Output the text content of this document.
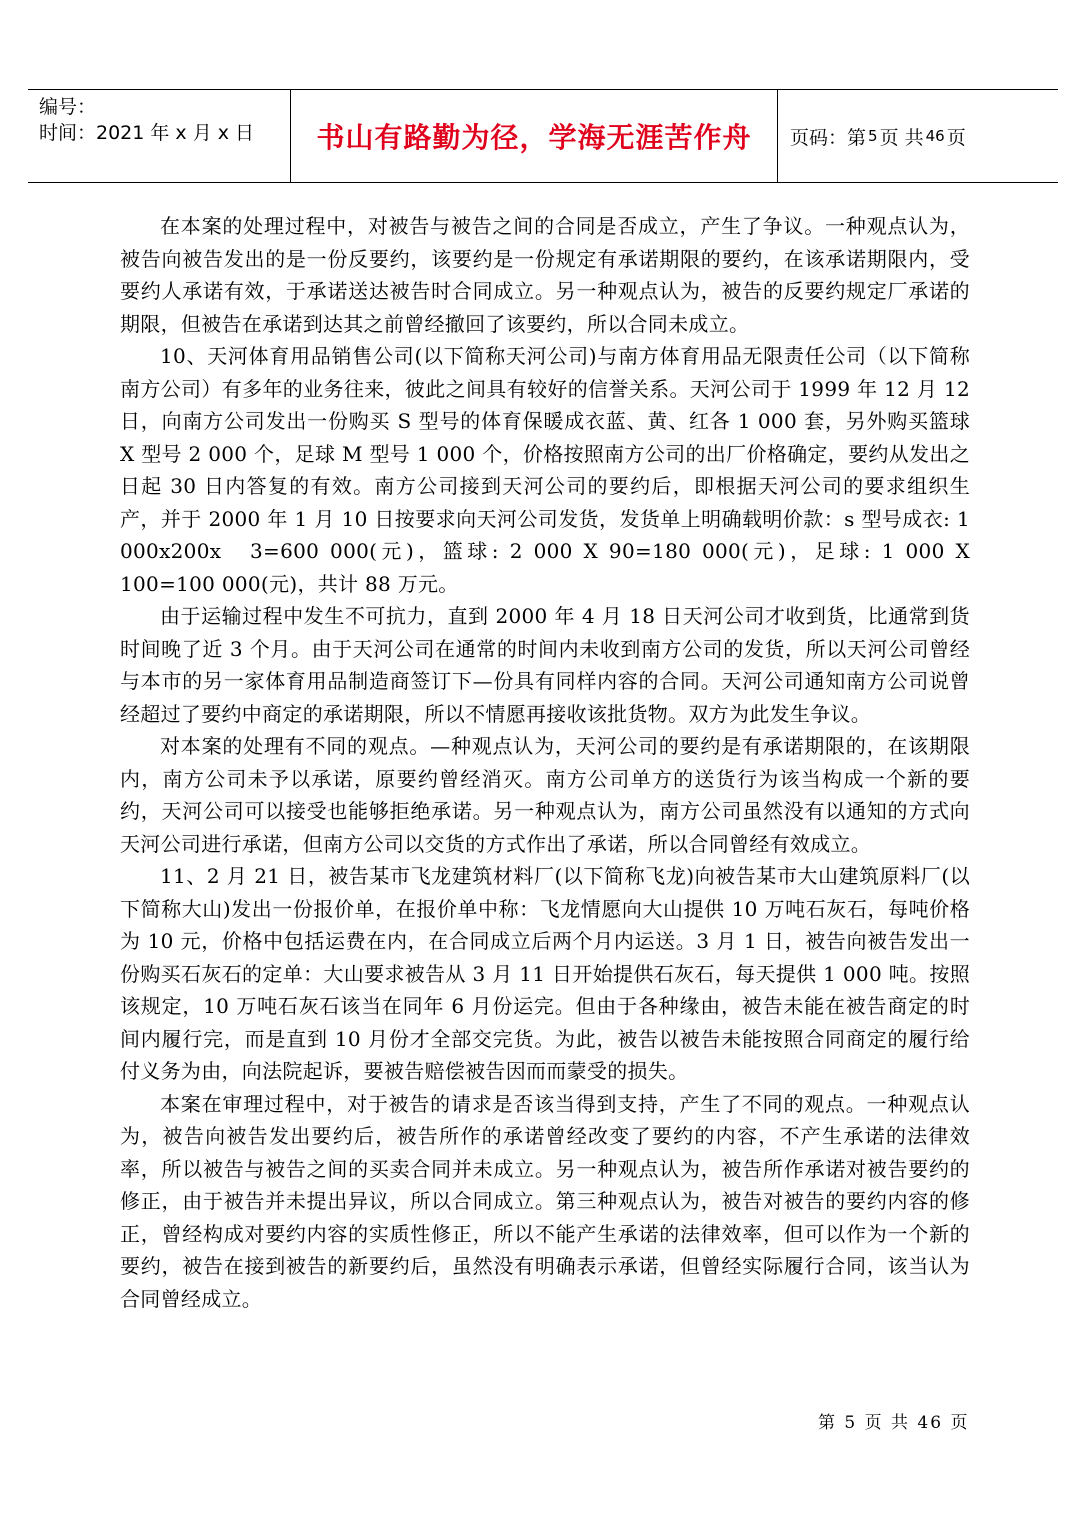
编号：
时间：2021 年 x 月 x 日	书山有路勤为径，学海无涯苦作舟	页码：第 5 页 共 46 页

在本案的处理过程中，对被告与被告之间的合同是否成立，产生了争议。一种观点认为，被告向被告发出的是一份反要约，该要约是一份规定有承诺期限的要约，在该承诺期限内，受要约人承诺有效，于承诺送达被告时合同成立。另一种观点认为，被告的反要约规定厂承诺的期限，但被告在承诺到达其之前曾经撤回了该要约，所以合同未成立。

10、天河体育用品销售公司(以下简称天河公司)与南方体育用品无限责任公司（以下简称南方公司）有多年的业务往来，彼此之间具有较好的信誉关系。天河公司于 1999 年 12 月 12 日，向南方公司发出一份购买 S 型号的体育保暖成衣蓝、黄、红各 1 000 套，另外购买篮球 X 型号 2 000 个，足球 M 型号 1 000 个，价格按照南方公司的出厂价格确定，要约从发出之日起 30 日内答复的有效。南方公司接到天河公司的要约后，即根据天河公司的要求组织生产，并于 2000 年 1 月 10 日按要求向天河公司发货，发货单上明确载明价款：s 型号成衣: 1 000x200x　3=600 000(元)，篮球: 2 000 X 90=180 000(元)，足球: 1 000 X 100=100 000(元)，共计 88 万元。

由于运输过程中发生不可抗力，直到 2000 年 4 月 18 日天河公司才收到货，比通常到货时间晚了近 3 个月。由于天河公司在通常的时间内未收到南方公司的发货，所以天河公司曾经与本市的另一家体育用品制造商签订下—份具有同样内容的合同。天河公司通知南方公司说曾经超过了要约中商定的承诺期限，所以不情愿再接收该批货物。双方为此发生争议。

对本案的处理有不同的观点。—种观点认为，天河公司的要约是有承诺期限的，在该期限内，南方公司未予以承诺，原要约曾经消灭。南方公司单方的送货行为该当构成一个新的要约，天河公司可以接受也能够拒绝承诺。另一种观点认为，南方公司虽然没有以通知的方式向天河公司进行承诺，但南方公司以交货的方式作出了承诺，所以合同曾经有效成立。

11、2 月 21 日，被告某市飞龙建筑材料厂(以下简称飞龙)向被告某市大山建筑原料厂(以下简称大山)发出一份报价单，在报价单中称：飞龙情愿向大山提供 10 万吨石灰石，每吨价格为 10 元，价格中包括运费在内，在合同成立后两个月内运送。3 月 1 日，被告向被告发出一份购买石灰石的定单：大山要求被告从 3 月 11 日开始提供石灰石，每天提供 1 000 吨。按照该规定，10 万吨石灰石该当在同年 6 月份运完。但由于各种缘由，被告未能在被告商定的时间内履行完，而是直到 10 月份才全部交完货。为此，被告以被告未能按照合同商定的履行给付义务为由，向法院起诉，要被告赔偿被告因而而蒙受的损失。

本案在审理过程中，对于被告的请求是否该当得到支持，产生了不同的观点。一种观点认为，被告向被告发出要约后，被告所作的承诺曾经改变了要约的内容，不产生承诺的法律效率，所以被告与被告之间的买卖合同并未成立。另一种观点认为，被告所作承诺对被告要约的修正，由于被告并未提出异议，所以合同成立。第三种观点认为，被告对被告的要约内容的修正，曾经构成对要约内容的实质性修正，所以不能产生承诺的法律效率，但可以作为一个新的要约，被告在接到被告的新要约后，虽然没有明确表示承诺，但曾经实际履行合同，该当认为合同曾经成立。

第 5 页 共 46 页
